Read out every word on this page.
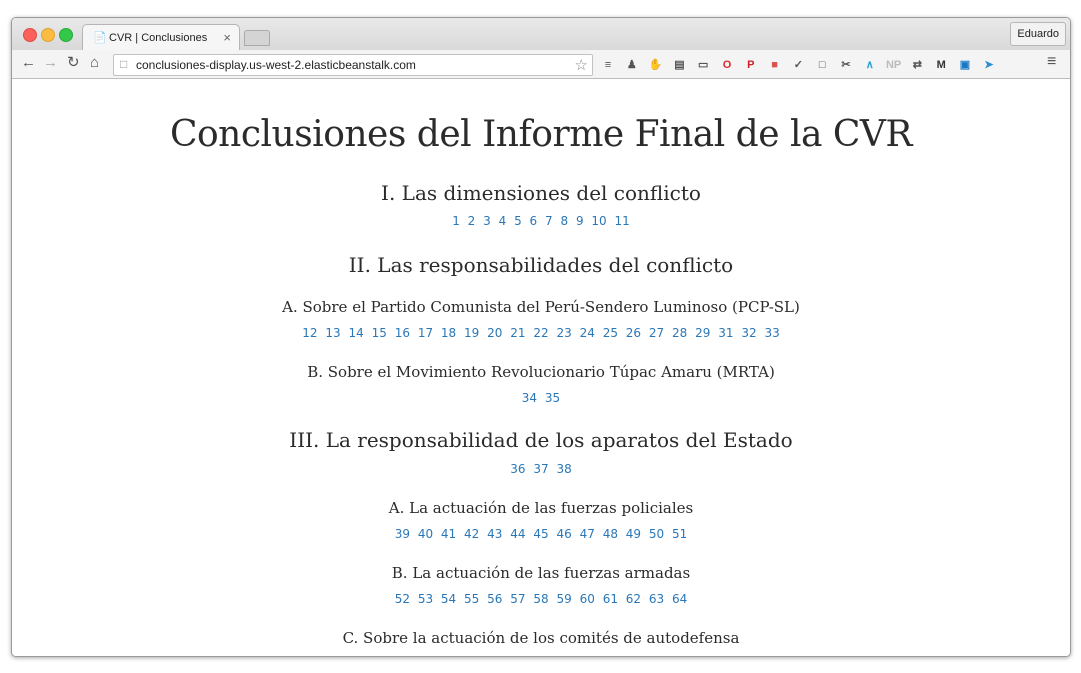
📄 CVR | Conclusiones ×	Eduardo
← → ↻ ⌂ □ conclusiones-display.us-west-2.elasticbeanstalk.com	☆	≡	♟ ✋ ▤ ▭	O	P	■	✓	□	✂	∧	NP	⇄	M	▣	➤	≡
Conclusiones del Informe Final de la CVR
I. Las dimensiones del conflicto
1 2 3 4 5 6 7 8 9 10 11
II. Las responsabilidades del conflicto
A. Sobre el Partido Comunista del Perú-Sendero Luminoso (PCP-SL)
12 13 14 15 16 17 18 19 20 21 22 23 24 25 26 27 28 29 31 32 33
B. Sobre el Movimiento Revolucionario Túpac Amaru (MRTA)
34 35
III. La responsabilidad de los aparatos del Estado
36 37 38
A. La actuación de las fuerzas policiales
39 40 41 42 43 44 45 46 47 48 49 50 51
B. La actuación de las fuerzas armadas
52 53 54 55 56 57 58 59 60 61 62 63 64
C. Sobre la actuación de los comités de autodefensa
